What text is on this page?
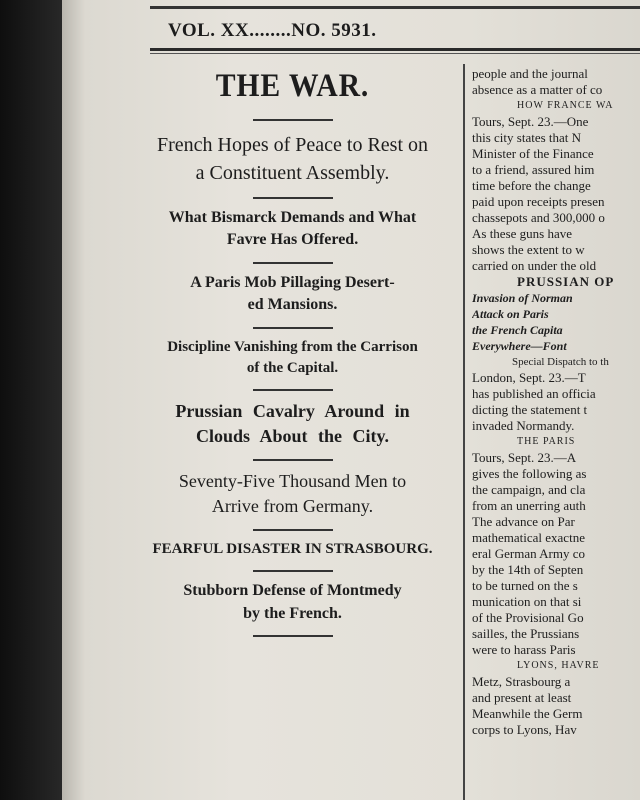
VOL. XX........NO. 5931.
THE WAR.
French Hopes of Peace to Rest on
a Constituent Assembly.
What Bismarck Demands and What
Favre Has Offered.
A Paris Mob Pillaging Desert-
ed Mansions.
Discipline Vanishing from the Carrison
of the Capital.
Prussian Cavalry Around in
Clouds About the City.
Seventy-Five Thousand Men to
Arrive from Germany.
FEARFUL DISASTER IN STRASBOURG.
Stubborn Defense of Montmedy
by the French.
people and the journal
absence as a matter of co
HOW FRANCE WA
Tours, Sept. 23.—One
this city states that N
Minister of the Finance
to a friend, assured him
time before the change
paid upon receipts presen
chassepots and 300,000 o
As these guns have
shows the extent to w
carried on under the old
PRUSSIAN OP
Invasion of Norman
Attack on Paris
the French Capita
Everywhere—Font
Special Dispatch to th
London, Sept. 23.—T
has published an officia
dicting the statement t
invaded Normandy.
THE PARIS
Tours, Sept. 23.—A
gives the following as
the campaign, and cla
from an unerring auth
The advance on Par
mathematical exactne
eral German Army co
by the 14th of Septen
to be turned on the s
munication on that si
of the Provisional Go
sailles, the Prussians
were to harass Paris
LYONS, HAVRE
Metz, Strasbourg a
and present at least
Meanwhile the Germ
corps to Lyons, Hav
